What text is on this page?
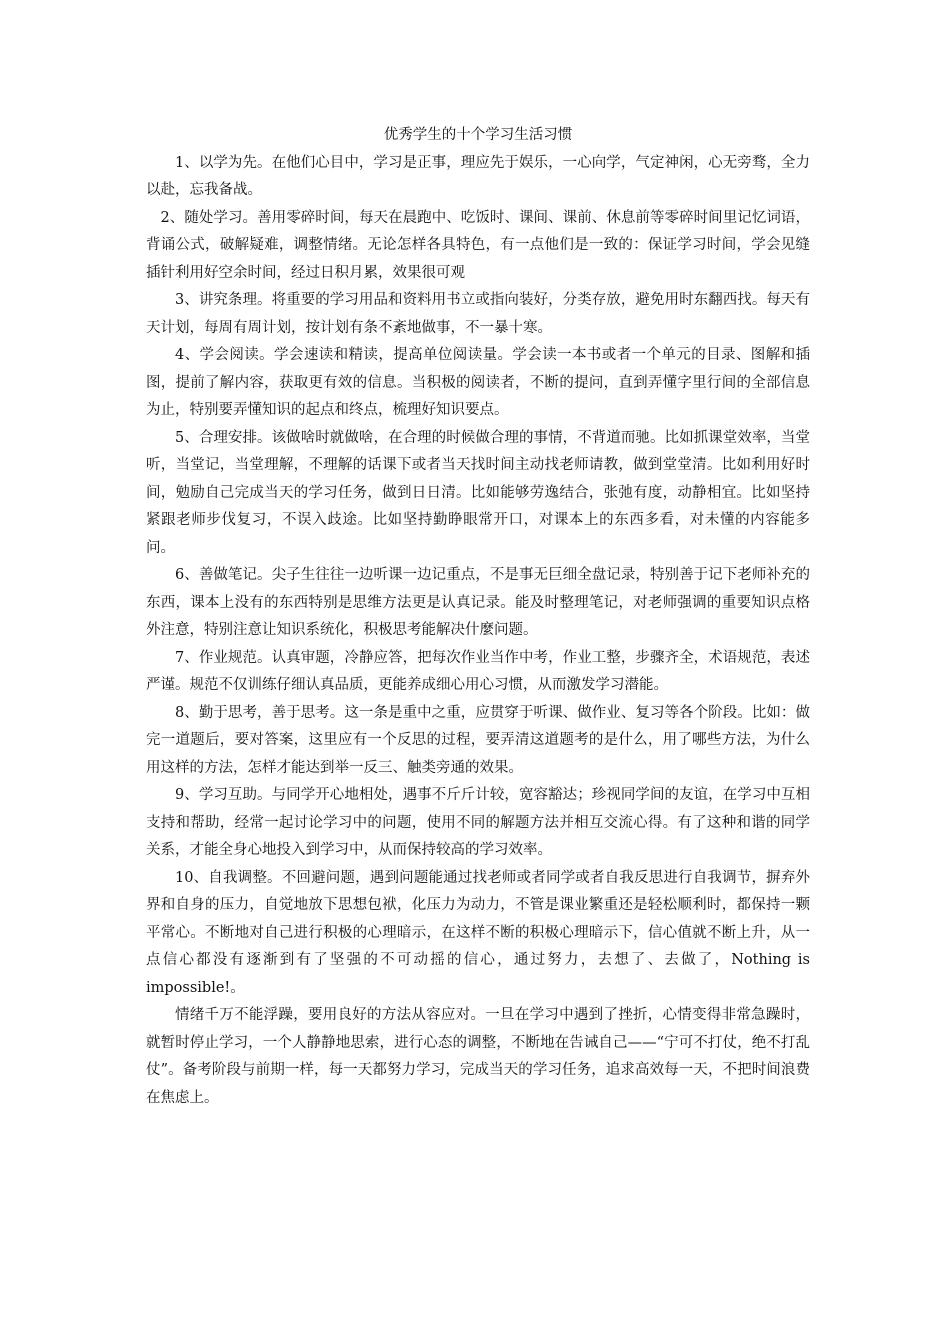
优秀学生的十个学习生活习惯

1、以学为先。在他们心目中，学习是正事，理应先于娱乐，一心向学，气定神闲，心无旁骛，全力以赴，忘我备战。

2、随处学习。善用零碎时间，每天在晨跑中、吃饭时、课间、课前、休息前等零碎时间里记忆词语，背诵公式，破解疑难，调整情绪。无论怎样各具特色，有一点他们是一致的：保证学习时间，学会见缝插针利用好空余时间，经过日积月累，效果很可观

3、讲究条理。将重要的学习用品和资料用书立或指向装好，分类存放，避免用时东翻西找。每天有天计划，每周有周计划，按计划有条不紊地做事，不一暴十寒。

4、学会阅读。学会速读和精读，提高单位阅读量。学会读一本书或者一个单元的目录、图解和插图，提前了解内容，获取更有效的信息。当积极的阅读者，不断的提问，直到弄懂字里行间的全部信息为止，特别要弄懂知识的起点和终点，梳理好知识要点。

5、合理安排。该做啥时就做啥，在合理的时候做合理的事情，不背道而驰。比如抓课堂效率，当堂听，当堂记，当堂理解，不理解的话课下或者当天找时间主动找老师请教，做到堂堂清。比如利用好时间，勉励自己完成当天的学习任务，做到日日清。比如能够劳逸结合，张弛有度，动静相宜。比如坚持紧跟老师步伐复习，不误入歧途。比如坚持勤睁眼常开口，对课本上的东西多看，对未懂的内容能多问。

6、善做笔记。尖子生往往一边听课一边记重点，不是事无巨细全盘记录，特别善于记下老师补充的东西，课本上没有的东西特别是思维方法更是认真记录。能及时整理笔记，对老师强调的重要知识点格外注意，特别注意让知识系统化，积极思考能解决什麼问题。

7、作业规范。认真审题，冷静应答，把每次作业当作中考，作业工整，步骤齐全，术语规范，表述严谨。规范不仅训练仔细认真品质，更能养成细心用心习惯，从而激发学习潜能。

8、勤于思考，善于思考。这一条是重中之重，应贯穿于听课、做作业、复习等各个阶段。比如：做完一道题后，要对答案，这里应有一个反思的过程，要弄清这道题考的是什么，用了哪些方法，为什么用这样的方法，怎样才能达到举一反三、触类旁通的效果。

9、学习互助。与同学开心地相处，遇事不斤斤计较，宽容豁达；珍视同学间的友谊，在学习中互相支持和帮助，经常一起讨论学习中的问题，使用不同的解题方法并相互交流心得。有了这种和谐的同学关系，才能全身心地投入到学习中，从而保持较高的学习效率。

10、自我调整。不回避问题，遇到问题能通过找老师或者同学或者自我反思进行自我调节，摒弃外界和自身的压力，自觉地放下思想包袱，化压力为动力，不管是课业繁重还是轻松顺利时，都保持一颗平常心。不断地对自己进行积极的心理暗示，在这样不断的积极心理暗示下，信心值就不断上升，从一点信心都没有逐渐到有了坚强的不可动摇的信心，通过努力，去想了、去做了，Nothing is impossible!。

情绪千万不能浮躁，要用良好的方法从容应对。一旦在学习中遇到了挫折，心情变得非常急躁时，就暂时停止学习，一个人静静地思索，进行心态的调整，不断地在告诫自己——“宁可不打仗，绝不打乱仗”。备考阶段与前期一样，每一天都努力学习，完成当天的学习任务，追求高效每一天，不把时间浪费在焦虑上。
